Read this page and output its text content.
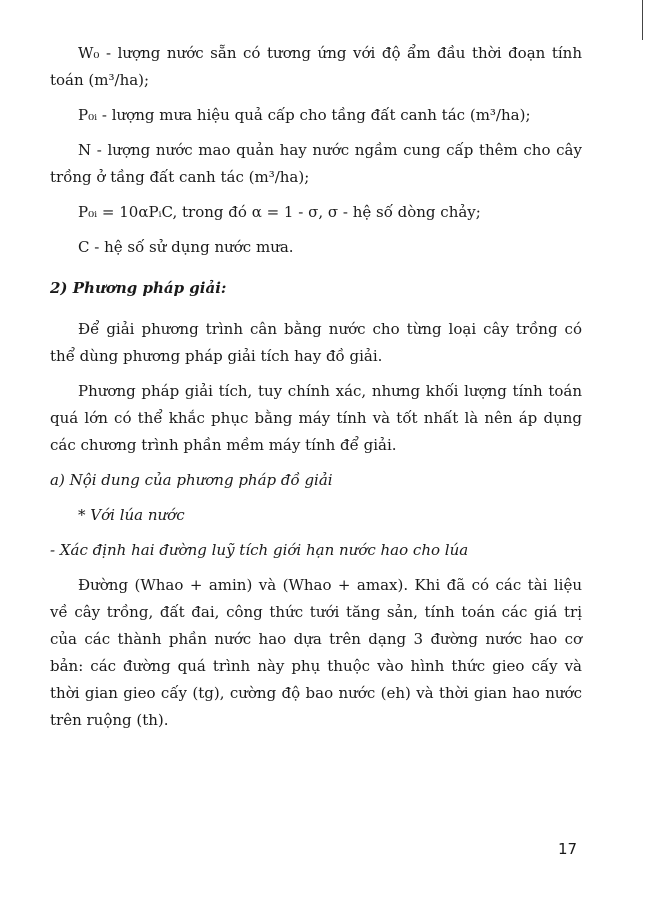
W₀ - lượng nước sẵn có tương ứng với độ ẩm đầu thời đoạn tính toán (m³/ha);

P₀ᵢ - lượng mưa hiệu quả cấp cho tầng đất canh tác (m³/ha);

N - lượng nước mao quản hay nước ngầm cung cấp thêm cho cây trồng ở tầng đất canh tác (m³/ha);

P₀ᵢ = 10αPᵢC, trong đó α = 1 - σ, σ - hệ số dòng chảy;

C - hệ số sử dụng nước mưa.

2) Phương pháp giải:

Để giải phương trình cân bằng nước cho từng loại cây trồng có thể dùng phương pháp giải tích hay đồ giải.

Phương pháp giải tích, tuy chính xác, nhưng khối lượng tính toán quá lớn có thể khắc phục bằng máy tính và tốt nhất là nên áp dụng các chương trình phần mềm máy tính để giải.

a) Nội dung của phương pháp đồ giải

* Với lúa nước

- Xác định hai đường luỹ tích giới hạn nước hao cho lúa

Đường (Whao + amin) và (Whao + amax). Khi đã có các tài liệu về cây trồng, đất đai, công thức tưới tăng sản, tính toán các giá trị của các thành phần nước hao dựa trên dạng 3 đường nước hao cơ bản: các đường quá trình này phụ thuộc vào hình thức gieo cấy và thời gian gieo cấy (tg), cường độ bao nước (eh) và thời gian hao nước trên ruộng (th).

17
